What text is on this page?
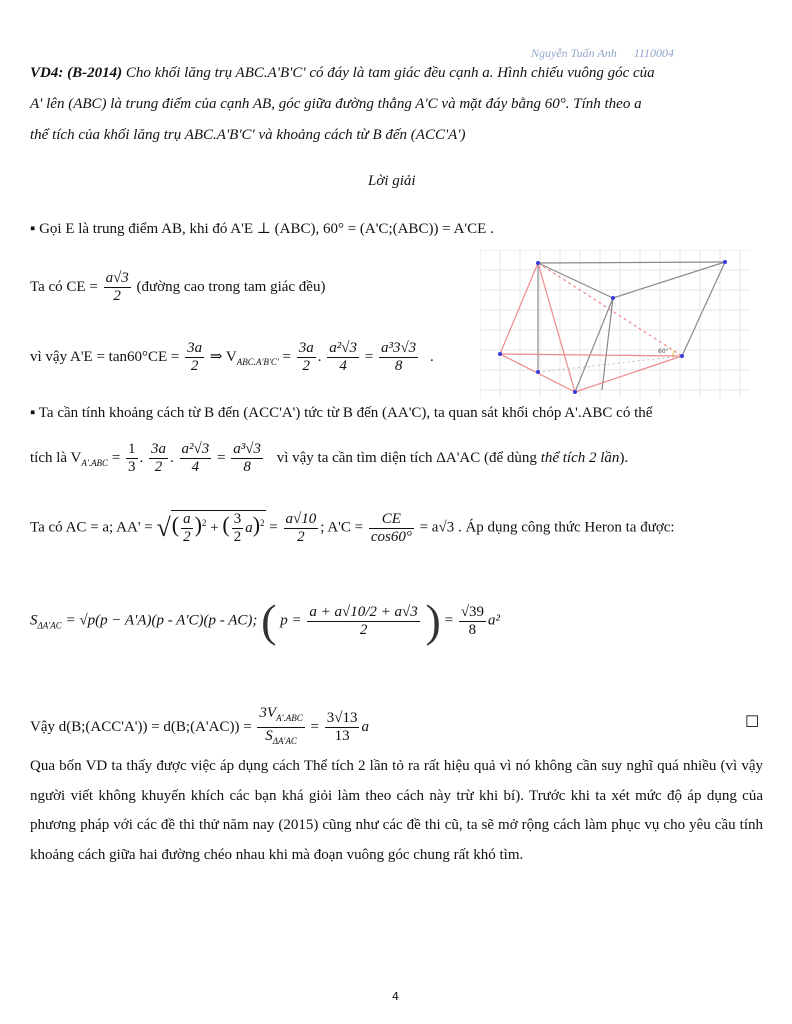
Nguyễn Tuấn Anh 1110004
VD4: (B-2014) Cho khối lăng trụ ABC.A'B'C' có đáy là tam giác đều cạnh a. Hình chiếu vuông góc của
A' lên (ABC) là trung điểm của cạnh AB, góc giữa đường thẳng A'C và mặt đáy bằng 60°. Tính theo a
thể tích của khối lăng trụ ABC.A'B'C' và khoảng cách từ B đến (ACC'A')
Lời giải
▪ Gọi E là trung điểm AB, khi đó A'E ⊥ (ABC), 60° = (A'C;(ABC)) = A'CE .
Ta có CE = $\frac{a√3}{2}$ (đường cao trong tam giác đều)
vì vậy $A'E = \tan 60^\circ CE = \frac{3a}{2}$ ⇒ $V_{ABC.A'B'C'} = \frac{3a}{2}$ . $\frac{\text{a²√3}}{4} = \frac{\text{a³3√3}}{8}$ .	60°
▪ Ta cần tính khoảng cách từ B đến (ACC'A') tức từ B đến (AA'C), ta quan sát khối chóp A'.ABC có thể
tích là $V_{A'.ABC} = \frac{1}{3}$ . $\frac{3a}{2}$ . $\frac{\text{a²√3}}{4} = \frac{\text{a³√3}}{8}$ vì vậy ta cần tìm diện tích ΔA'AC (để dùng thể tích 2 lần).
Ta có AC = a; AA' = √( $\frac{a}{2} )^2$ + ( $\frac{3}{2} a)^2 = \frac{a√10}{2}$ ; $A'C = \frac{CE}{\cos 60^\circ} = a√3$ . Áp dụng công thức Heron ta được:
$S_{\Delta A'AC} = √p(p - A'A)(p - A'C)(p - AC)$; ( $p = \frac{a + a√10/2 + a√3}{2}$ ) = $\frac{√39}{8} a^2$
Vậy d(B;(ACC'A')) = d(B;(A'AC)) = $\frac{3V_{A'.ABC}}{S_{\Delta A'AC}} = \frac{3√13}{13}$ a	☐
Qua bốn VD ta thấy được việc áp dụng cách Thể tích 2 lần tỏ ra rất hiệu quả vì nó không cần suy nghĩ quá nhiều (vì vậy người viết không khuyến khích các bạn khá giỏi làm theo cách này trừ khi bí). Trước khi ta xét mức độ áp dụng của phương pháp với các đề thi thử năm nay (2015) cũng như các đề thi cũ, ta sẽ mở rộng cách làm phục vụ cho yêu cầu tính khoảng cách giữa hai đường chéo nhau khi mà đoạn vuông góc chung rất khó tìm.
4
